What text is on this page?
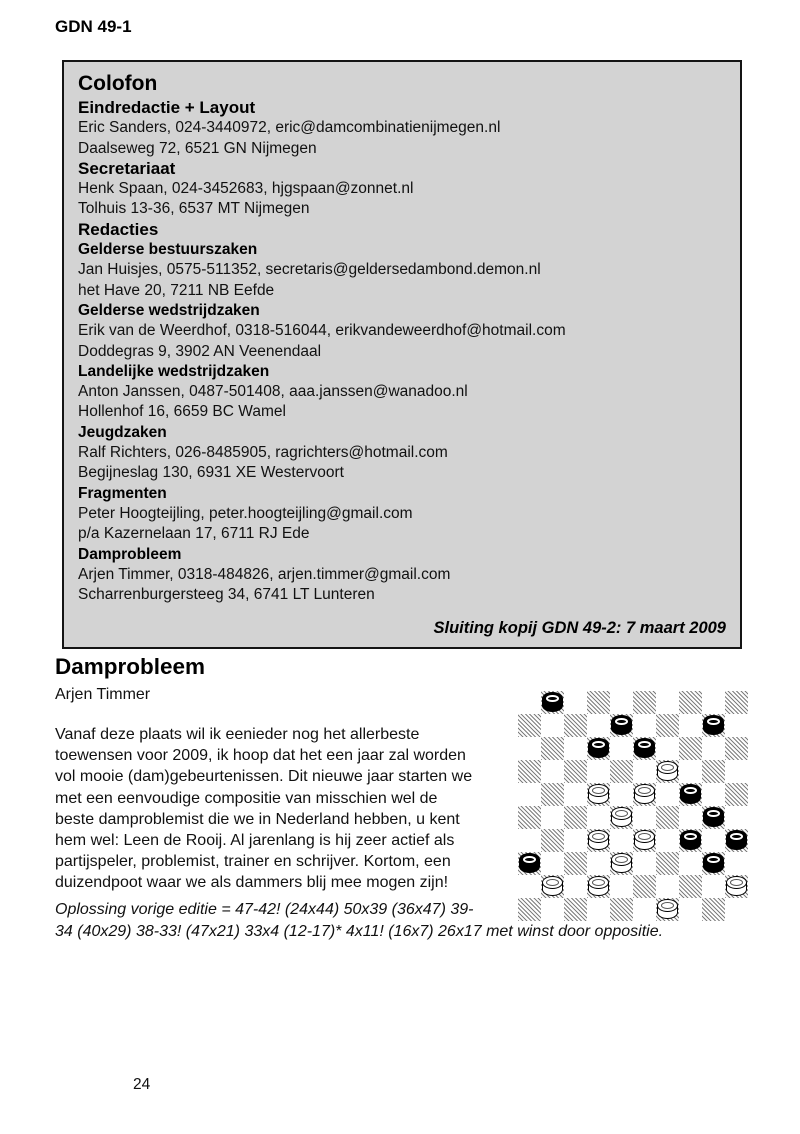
GDN 49-1
Colofon
Eindredactie + Layout
Eric Sanders, 024-3440972, eric@damcombinatienijmegen.nl
Daalseweg 72, 6521 GN Nijmegen
Secretariaat
Henk Spaan, 024-3452683, hjgspaan@zonnet.nl
Tolhuis 13-36, 6537 MT Nijmegen
Redacties
Gelderse bestuurszaken
Jan Huisjes, 0575-511352, secretaris@geldersedambond.demon.nl
het Have 20, 7211 NB Eefde
Gelderse wedstrijdzaken
Erik van de Weerdhof, 0318-516044, erikvandeweerdhof@hotmail.com
Doddegras 9, 3902 AN Veenendaal
Landelijke wedstrijdzaken
Anton Janssen, 0487-501408, aaa.janssen@wanadoo.nl
Hollenhof 16, 6659 BC Wamel
Jeugdzaken
Ralf Richters, 026-8485905, ragrichters@hotmail.com
Begijneslag 130, 6931 XE Westervoort
Fragmenten
Peter Hoogteijling, peter.hoogteijling@gmail.com
p/a Kazernelaan 17, 6711 RJ Ede
Damprobleem
Arjen Timmer, 0318-484826, arjen.timmer@gmail.com
Scharrenburgersteeg 34, 6741 LT Lunteren
Sluiting kopij GDN 49-2: 7 maart 2009
Damprobleem
Arjen Timmer
Vanaf deze plaats wil ik eenieder nog het allerbeste
toewensen voor 2009, ik hoop dat het een jaar zal worden
vol mooie (dam)gebeurtenissen. Dit nieuwe jaar starten we
met een eenvoudige compositie van misschien wel de
beste damproblemist die we in Nederland hebben, u kent
hem wel: Leen de Rooij. Al jarenlang is hij zeer actief als
partijspeler, problemist, trainer en schrijver. Kortom, een
duizendpoot waar we als dammers blij mee mogen zijn!
Oplossing vorige editie = 47-42! (24x44) 50x39 (36x47) 39-
34 (40x29) 38-33! (47x21) 33x4 (12-17)* 4x11! (16x7) 26x17 met winst door oppositie.
24
